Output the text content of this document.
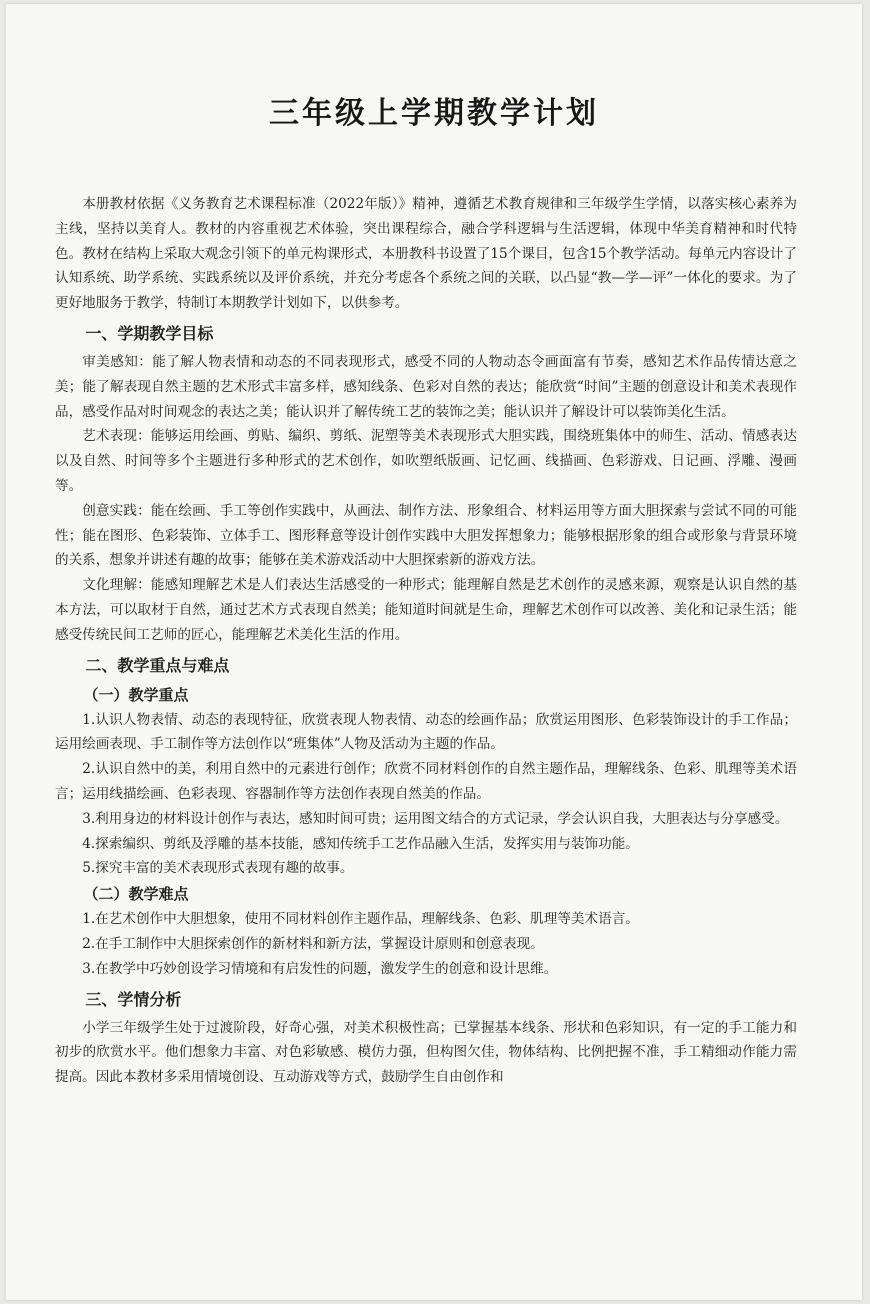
三年级上学期教学计划

本册教材依据《义务教育艺术课程标准（2022年版）》精神，遵循艺术教育规律和三年级学生学情，以落实核心素养为主线，坚持以美育人。教材的内容重视艺术体验，突出课程综合，融合学科逻辑与生活逻辑，体现中华美育精神和时代特色。教材在结构上采取大观念引领下的单元构课形式，本册教科书设置了15个课目，包含15个教学活动。每单元内容设计了认知系统、助学系统、实践系统以及评价系统，并充分考虑各个系统之间的关联，以凸显“教—学—评”一体化的要求。为了更好地服务于教学，特制订本期教学计划如下，以供参考。

一、学期教学目标

审美感知：能了解人物表情和动态的不同表现形式，感受不同的人物动态令画面富有节奏，感知艺术作品传情达意之美；能了解表现自然主题的艺术形式丰富多样，感知线条、色彩对自然的表达；能欣赏“时间”主题的创意设计和美术表现作品，感受作品对时间观念的表达之美；能认识并了解传统工艺的装饰之美；能认识并了解设计可以装饰美化生活。

艺术表现：能够运用绘画、剪贴、编织、剪纸、泥塑等美术表现形式大胆实践，围绕班集体中的师生、活动、情感表达以及自然、时间等多个主题进行多种形式的艺术创作，如吹塑纸版画、记忆画、线描画、色彩游戏、日记画、浮雕、漫画等。

创意实践：能在绘画、手工等创作实践中，从画法、制作方法、形象组合、材料运用等方面大胆探索与尝试不同的可能性；能在图形、色彩装饰、立体手工、图形释意等设计创作实践中大胆发挥想象力；能够根据形象的组合或形象与背景环境的关系，想象并讲述有趣的故事；能够在美术游戏活动中大胆探索新的游戏方法。

文化理解：能感知理解艺术是人们表达生活感受的一种形式；能理解自然是艺术创作的灵感来源，观察是认识自然的基本方法，可以取材于自然，通过艺术方式表现自然美；能知道时间就是生命，理解艺术创作可以改善、美化和记录生活；能感受传统民间工艺师的匠心，能理解艺术美化生活的作用。

二、教学重点与难点
（一）教学重点

1.认识人物表情、动态的表现特征，欣赏表现人物表情、动态的绘画作品；欣赏运用图形、色彩装饰设计的手工作品；运用绘画表现、手工制作等方法创作以“班集体”人物及活动为主题的作品。

2.认识自然中的美，利用自然中的元素进行创作；欣赏不同材料创作的自然主题作品，理解线条、色彩、肌理等美术语言；运用线描绘画、色彩表现、容器制作等方法创作表现自然美的作品。

3.利用身边的材料设计创作与表达，感知时间可贵；运用图文结合的方式记录，学会认识自我，大胆表达与分享感受。

4.探索编织、剪纸及浮雕的基本技能，感知传统手工艺作品融入生活，发挥实用与装饰功能。

5.探究丰富的美术表现形式表现有趣的故事。

（二）教学难点

1.在艺术创作中大胆想象，使用不同材料创作主题作品，理解线条、色彩、肌理等美术语言。

2.在手工制作中大胆探索创作的新材料和新方法，掌握设计原则和创意表现。

3.在教学中巧妙创设学习情境和有启发性的问题，激发学生的创意和设计思维。

三、学情分析

小学三年级学生处于过渡阶段，好奇心强，对美术积极性高；已掌握基本线条、形状和色彩知识，有一定的手工能力和初步的欣赏水平。他们想象力丰富、对色彩敏感、模仿力强，但构图欠佳，物体结构、比例把握不准，手工精细动作能力需提高。因此本教材多采用情境创设、互动游戏等方式，鼓励学生自由创作和
